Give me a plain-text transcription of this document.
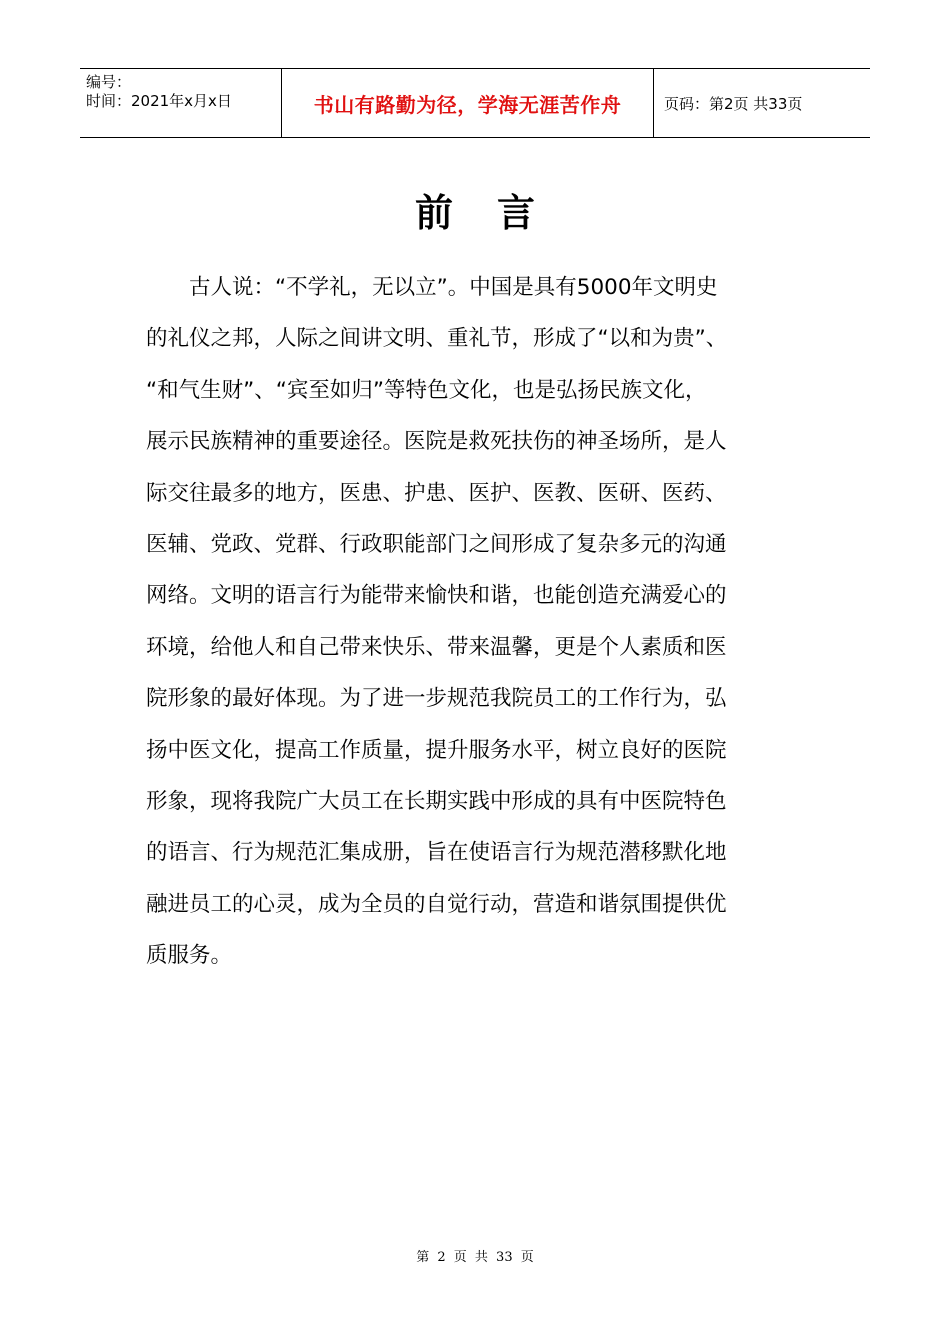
编号：
时间：2021年x月x日	书山有路勤为径，学海无涯苦作舟	页码：第2页 共33页
前言
　　古人说：“不学礼，无以立”。中国是具有5000年文明史
的礼仪之邦，人际之间讲文明、重礼节，形成了“以和为贵”、
“和气生财”、“宾至如归”等特色文化，也是弘扬民族文化，
展示民族精神的重要途径。医院是救死扶伤的神圣场所，是人
际交往最多的地方，医患、护患、医护、医教、医研、医药、
医辅、党政、党群、行政职能部门之间形成了复杂多元的沟通
网络。文明的语言行为能带来愉快和谐，也能创造充满爱心的
环境，给他人和自己带来快乐、带来温馨，更是个人素质和医
院形象的最好体现。为了进一步规范我院员工的工作行为，弘
扬中医文化，提高工作质量，提升服务水平，树立良好的医院
形象，现将我院广大员工在长期实践中形成的具有中医院特色
的语言、行为规范汇集成册，旨在使语言行为规范潜移默化地
融进员工的心灵，成为全员的自觉行动，营造和谐氛围提供优
质服务。
第 2 页 共 33 页
